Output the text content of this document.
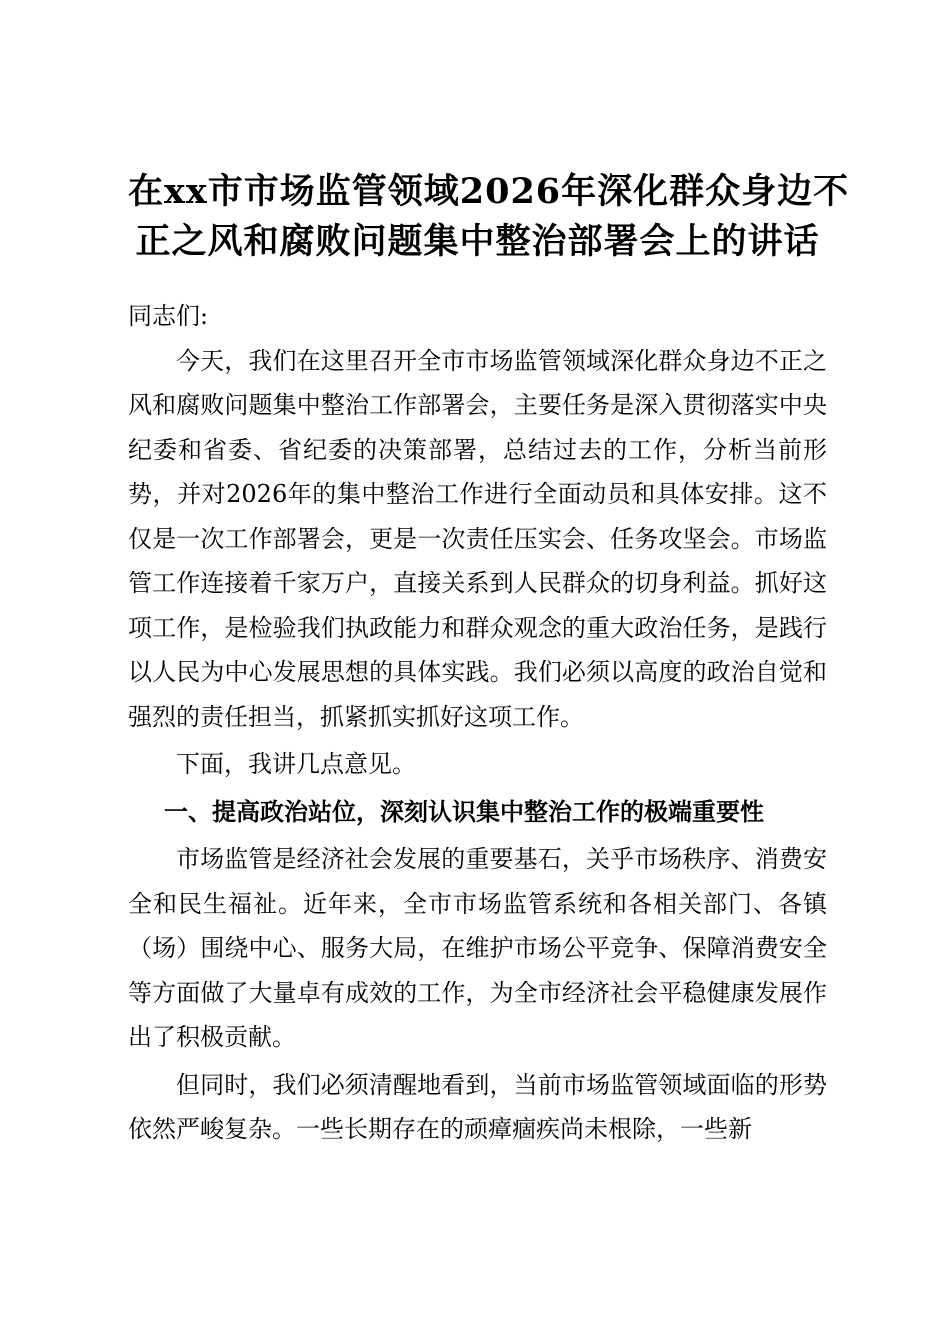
在xx市市场监管领域2026年深化群众身边不
正之风和腐败问题集中整治部署会上的讲话

同志们:

今天，我们在这里召开全市市场监管领域深化群众身边不正之风和腐败问题集中整治工作部署会，主要任务是深入贯彻落实中央纪委和省委、省纪委的决策部署，总结过去的工作，分析当前形势，并对2026年的集中整治工作进行全面动员和具体安排。这不仅是一次工作部署会，更是一次责任压实会、任务攻坚会。市场监管工作连接着千家万户，直接关系到人民群众的切身利益。抓好这项工作，是检验我们执政能力和群众观念的重大政治任务，是践行以人民为中心发展思想的具体实践。我们必须以高度的政治自觉和强烈的责任担当，抓紧抓实抓好这项工作。

下面，我讲几点意见。

一、提高政治站位，深刻认识集中整治工作的极端重要性

市场监管是经济社会发展的重要基石，关乎市场秩序、消费安全和民生福祉。近年来，全市市场监管系统和各相关部门、各镇（场）围绕中心、服务大局，在维护市场公平竞争、保障消费安全等方面做了大量卓有成效的工作，为全市经济社会平稳健康发展作出了积极贡献。

但同时，我们必须清醒地看到，当前市场监管领域面临的形势依然严峻复杂。一些长期存在的顽瘴痼疾尚未根除，一些新
